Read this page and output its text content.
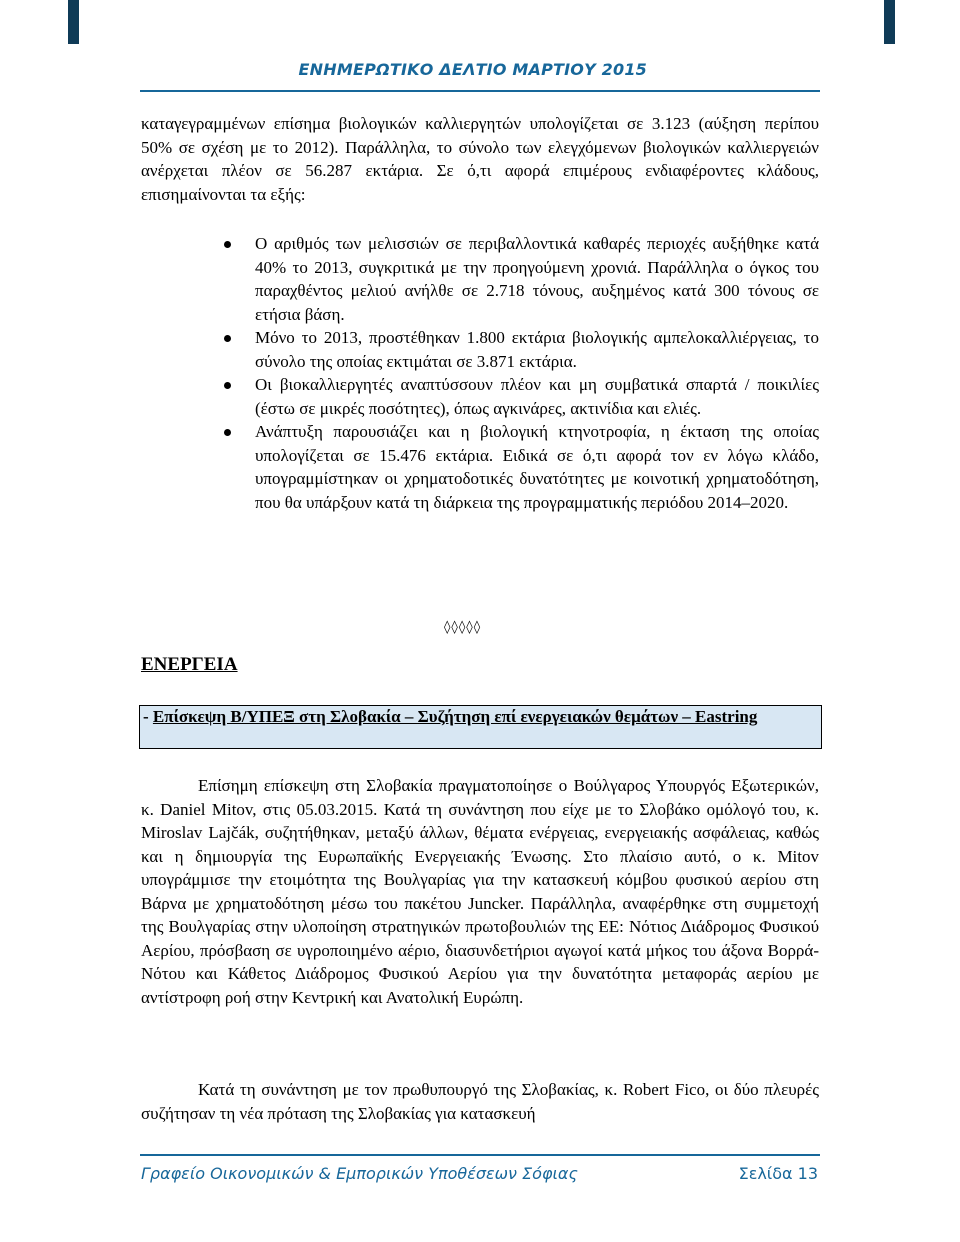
ΕΝΗΜΕΡΩΤΙΚΟ ΔΕΛΤΙΟ ΜΑΡΤΙΟΥ 2015

καταγεγραμμένων επίσημα βιολογικών καλλιεργητών υπολογίζεται σε 3.123 (αύξηση περίπου 50% σε σχέση με το 2012). Παράλληλα, το σύνολο των ελεγχόμενων βιολογικών καλλιεργειών ανέρχεται πλέον σε 56.287 εκτάρια. Σε ό,τι αφορά επιμέρους ενδιαφέροντες κλάδους, επισημαίνονται τα εξής:

Ο αριθμός των μελισσιών σε περιβαλλοντικά καθαρές περιοχές αυξήθηκε κατά 40% το 2013, συγκριτικά με την προηγούμενη χρονιά. Παράλληλα ο όγκος του παραχθέντος μελιού ανήλθε σε 2.718 τόνους, αυξημένος κατά 300 τόνους σε ετήσια βάση.
Μόνο το 2013, προστέθηκαν 1.800 εκτάρια βιολογικής αμπελοκαλλιέργειας, το σύνολο της οποίας εκτιμάται σε 3.871 εκτάρια.
Οι βιοκαλλιεργητές αναπτύσσουν πλέον και μη συμβατικά σπαρτά / ποικιλίες (έστω σε μικρές ποσότητες), όπως αγκινάρες, ακτινίδια και ελιές.
Ανάπτυξη παρουσιάζει και η βιολογική κτηνοτροφία, η έκταση της οποίας υπολογίζεται σε 15.476 εκτάρια. Ειδικά σε ό,τι αφορά τον εν λόγω κλάδο, υπογραμμίστηκαν οι χρηματοδοτικές δυνατότητες με κοινοτική χρηματοδότηση, που θα υπάρξουν κατά τη διάρκεια της προγραμματικής περιόδου 2014–2020.
◊◊◊◊◊
ΕΝΕΡΓΕΙΑ
- Επίσκεψη Β/ΥΠΕΞ στη Σλοβακία – Συζήτηση επί ενεργειακών θεμάτων – Eastring

Επίσημη επίσκεψη στη Σλοβακία πραγματοποίησε ο Βούλγαρος Υπουργός Εξωτερικών, κ. Daniel Mitov, στις 05.03.2015. Κατά τη συνάντηση που είχε με το Σλοβάκο ομόλογό του, κ. Miroslav Lajčák, συζητήθηκαν, μεταξύ άλλων, θέματα ενέργειας, ενεργειακής ασφάλειας, καθώς και η δημιουργία της Ευρωπαϊκής Ενεργειακής Ένωσης. Στο πλαίσιο αυτό, ο κ. Mitov υπογράμμισε την ετοιμότητα της Βουλγαρίας για την κατασκευή κόμβου φυσικού αερίου στη Βάρνα με χρηματοδότηση μέσω του πακέτου Juncker. Παράλληλα, αναφέρθηκε στη συμμετοχή της Βουλγαρίας στην υλοποίηση στρατηγικών πρωτοβουλιών της ΕΕ: Νότιος Διάδρομος Φυσικού Αερίου, πρόσβαση σε υγροποιημένο αέριο, διασυνδετήριοι αγωγοί κατά μήκος του άξονα Βορρά-Νότου και Κάθετος Διάδρομος Φυσικού Αερίου για την δυνατότητα μεταφοράς αερίου με αντίστροφη ροή στην Κεντρική και Ανατολική Ευρώπη.

Κατά τη συνάντηση με τον πρωθυπουργό της Σλοβακίας, κ. Robert Fico, οι δύο πλευρές συζήτησαν τη νέα πρόταση της Σλοβακίας για κατασκευή

Γραφείο Οικονομικών & Εμπορικών Υποθέσεων Σόφιας	Σελίδα 13
